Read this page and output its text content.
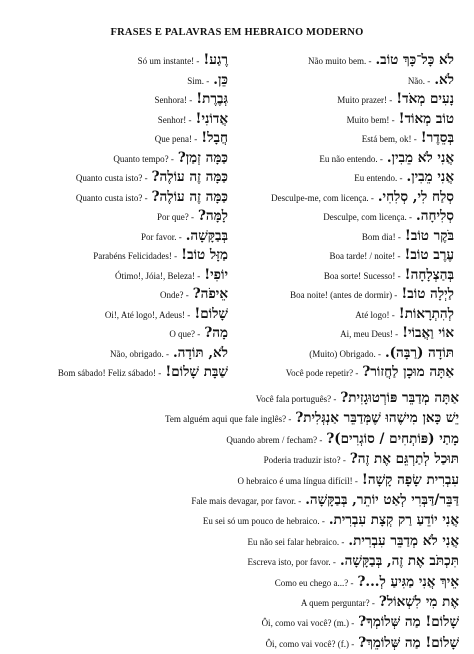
FRASES E PALAVRAS EM HEBRAICO MODERNO
Só um instante! - רֶגַע!
Sim. - כֵּן.
Senhora! - גְּבֶרֶת!
Senhor! - אֲדוֹנִי!
Que pena! - חֲבָל!
Quanto tempo? - כַּמָּה זְמַן?
Quanto custa isto? - כַּמָּה זֶה עוֹלֶה?
Quanto custa isto? - כַּמָּה זֶה עוֹלֶה?
Por que? - לָמָּה?
Por favor. - בְּבַקָּשָׁה.
Parabéns Felicidades! - מַזָּל טוֹב!
Ótimo!, Jóia!, Beleza! - יוֹפִי!
Onde? - אֵיפֹה?
Oi!, Até logo!, Adeus! - שָׁלוֹם!
O que? - מָה?
Não, obrigado. - לֹא, תּוֹדָה.
Bom sábado! Feliz sábado! - שַׁבָּת שָׁלוֹם!
Não muito bem. - לֹא כָּל־כָּךְ טוֹב.
Não. - לֹא.
Muito prazer! - נָעִים מְאֹד!
Muito bem! - טוֹב מְאוֹד!
Está bem, ok! - בְּסֵדֶר!
Eu não entendo. - אֲנִי לֹא מֵבִין.
Eu entendo. - אֲנִי מֵבִין.
Desculpe-me, com licença. - סְלַח לִי, סְלִחִי.
Desculpe, com licença. - סְלִיחָה.
Bom dia! - בֹּקֶר טוֹב!
Boa tarde! / noite! - עֶרֶב טוֹב!
Boa sorte! Sucesso! - בְּהַצְלָחָה!
Boa noite! (antes de dormir) - לַיְלָה טוֹב!
Até logo! - לְהִתְרָאוֹת!
Ai, meu Deus! - אוֹי וַאֲבוֹי!
(Muito) Obrigado. - תּוֹדָה (רַבָּה).
Você pode repetir? - אַתָּה מוּכָן לַחֲזוֹר?
Você fala português? - אַתָּה מְדַבֵּר פּוֹרְטוּגָזִית?
Tem alguém aqui que fale inglês? - יֵשׁ כָּאן מִישֶׁהוּ שֶׁמְּדַבֵּר אַנְגְּלִית?
Quando abrem / fecham? - מָתַי (פּוֹתְחִים / סוֹגְרִים)?
Poderia traduzir isto? - תּוּכַל לְתַרְגֵּם אֶת זֶה?
O hebraico é uma língua difícil! - עִבְרִית שָׂפָה קָשָׁה!
Fale mais devagar, por favor. - דַּבֵּר/דַּבְּרִי לְאַט יוֹתֵר, בְּבַקָּשָׁה.
Eu sei só um pouco de hebraico. - אֲנִי יוֹדֵעַ רַק קְצָת עִבְרִית.
Eu não sei falar hebraico. - אֲנִי לֹא מְדַבֵּר עִבְרִית.
Escreva isto, por favor. - תִּכְתֹּב אֶת זֶה, בְּבַקָּשָׁה.
Como eu chego a...? - אֵיךְ אֲנִי מַגִּיעַ לְ...?
A quem perguntar? - אֶת מִי לִשְׁאוֹל?
Ôi, como vai você? (m.) - שָׁלוֹם! מַה שְּׁלוֹמְךָ?
Ôi, como vai você? (f.) - שָׁלוֹם! מַה שְּׁלוֹמֵךְ?
